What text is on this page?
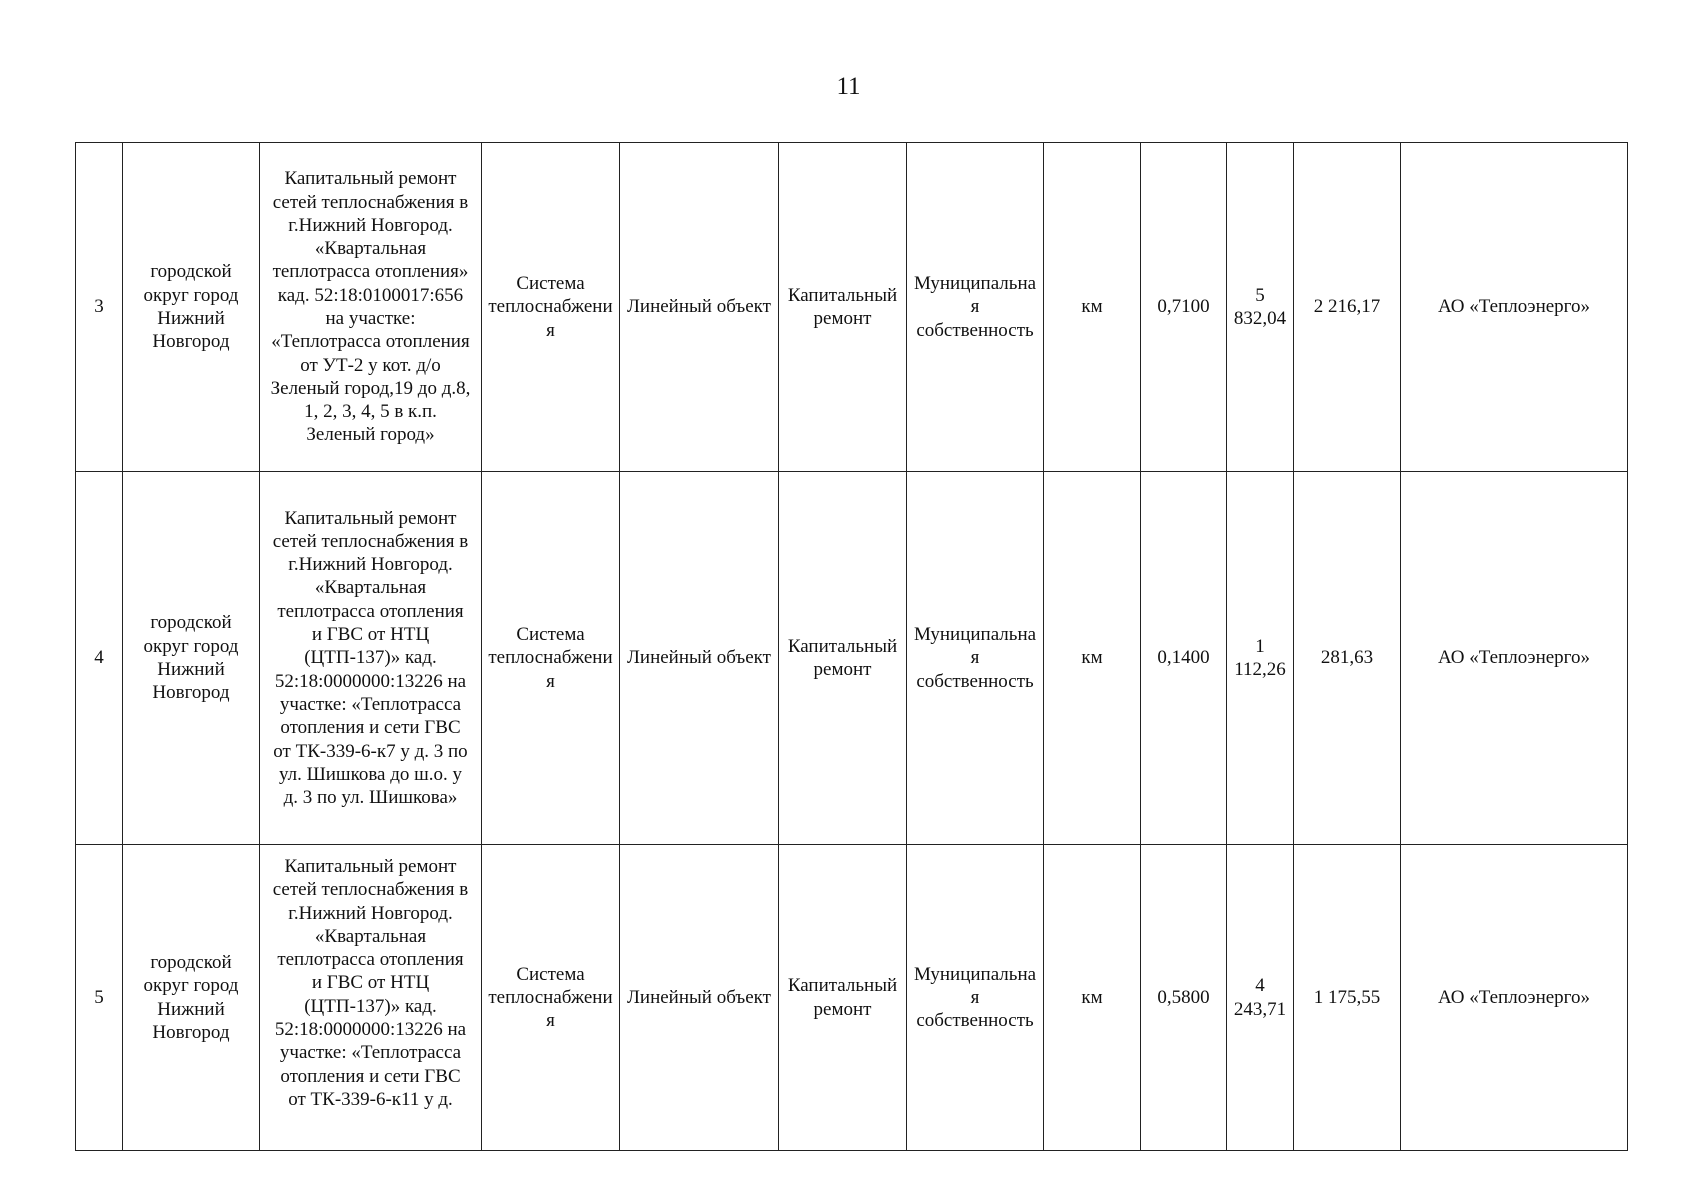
11
3	городской округ город Нижний Новгород	Капитальный ремонт сетей теплоснабжения в г.Нижний Новгород. «Квартальная теплотрасса отопления» кад. 52:18:0100017:656 на участке: «Теплотрасса отопления от УТ-2 у кот. д/о Зеленый город,19 до д.8, 1, 2, 3, 4, 5 в к.п. Зеленый город»	Система теплоснабжения	Линейный объект	Капитальный ремонт	Муниципальная собственность	км	0,7100	5 832,04	2 216,17	АО «Теплоэнерго»
4	городской округ город Нижний Новгород	Капитальный ремонт сетей теплоснабжения в г.Нижний Новгород. «Квартальная теплотрасса отопления и ГВС от НТЦ (ЦТП-137)» кад. 52:18:0000000:13226 на участке: «Теплотрасса отопления и сети ГВС от ТК-339-6-к7 у д. 3 по ул. Шишкова до ш.о. у д. 3 по ул. Шишкова»	Система теплоснабжения	Линейный объект	Капитальный ремонт	Муниципальная собственность	км	0,1400	1 112,26	281,63	АО «Теплоэнерго»
5	городской округ город Нижний Новгород	Капитальный ремонт сетей теплоснабжения в г.Нижний Новгород. «Квартальная теплотрасса отопления и ГВС от НТЦ (ЦТП-137)» кад. 52:18:0000000:13226 на участке: «Теплотрасса отопления и сети ГВС от ТК-339-6-к11 у д.	Система теплоснабжения	Линейный объект	Капитальный ремонт	Муниципальная собственность	км	0,5800	4 243,71	1 175,55	АО «Теплоэнерго»
